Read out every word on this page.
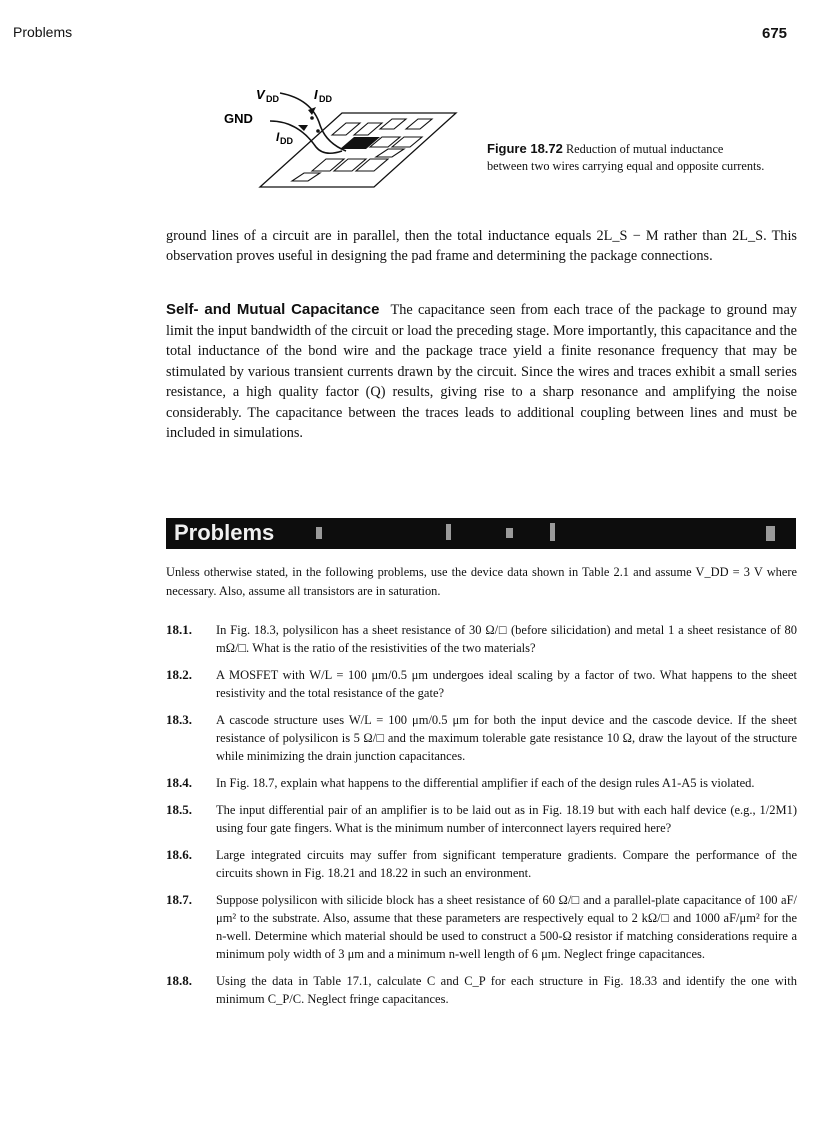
Problems	675
V DD	I DD
GND
I DD	Figure 18.72 Reduction of mutual inductance between two wires carrying equal and opposite currents.
ground lines of a circuit are in parallel, then the total inductance equals 2L_S − M rather than 2L_S. This observation proves useful in designing the pad frame and determining the package connections.
Self- and Mutual Capacitance The capacitance seen from each trace of the package to ground may limit the input bandwidth of the circuit or load the preceding stage. More importantly, this capacitance and the total inductance of the bond wire and the package trace yield a finite resonance frequency that may be stimulated by various transient currents drawn by the circuit. Since the wires and traces exhibit a small series resistance, a high quality factor (Q) results, giving rise to a sharp resonance and amplifying the noise considerably. The capacitance between the traces leads to additional coupling between lines and must be included in simulations.
Problems
Unless otherwise stated, in the following problems, use the device data shown in Table 2.1 and assume V_DD = 3 V where necessary. Also, assume all transistors are in saturation.
18.1. In Fig. 18.3, polysilicon has a sheet resistance of 30 Ω/□ (before silicidation) and metal 1 a sheet resistance of 80 mΩ/□. What is the ratio of the resistivities of the two materials?
18.2. A MOSFET with W/L = 100 μm/0.5 μm undergoes ideal scaling by a factor of two. What happens to the sheet resistivity and the total resistance of the gate?
18.3. A cascode structure uses W/L = 100 μm/0.5 μm for both the input device and the cascode device. If the sheet resistance of polysilicon is 5 Ω/□ and the maximum tolerable gate resistance 10 Ω, draw the layout of the structure while minimizing the drain junction capacitances.
18.4. In Fig. 18.7, explain what happens to the differential amplifier if each of the design rules A1-A5 is violated.
18.5. The input differential pair of an amplifier is to be laid out as in Fig. 18.19 but with each half device (e.g., 1/2M1) using four gate fingers. What is the minimum number of interconnect layers required here?
18.6. Large integrated circuits may suffer from significant temperature gradients. Compare the performance of the circuits shown in Fig. 18.21 and 18.22 in such an environment.
18.7. Suppose polysilicon with silicide block has a sheet resistance of 60 Ω/□ and a parallel-plate capacitance of 100 aF/μm² to the substrate. Also, assume that these parameters are respectively equal to 2 kΩ/□ and 1000 aF/μm² for the n-well. Determine which material should be used to construct a 500-Ω resistor if matching considerations require a minimum poly width of 3 μm and a minimum n-well length of 6 μm. Neglect fringe capacitances.
18.8. Using the data in Table 17.1, calculate C and C_P for each structure in Fig. 18.33 and identify the one with minimum C_P/C. Neglect fringe capacitances.
